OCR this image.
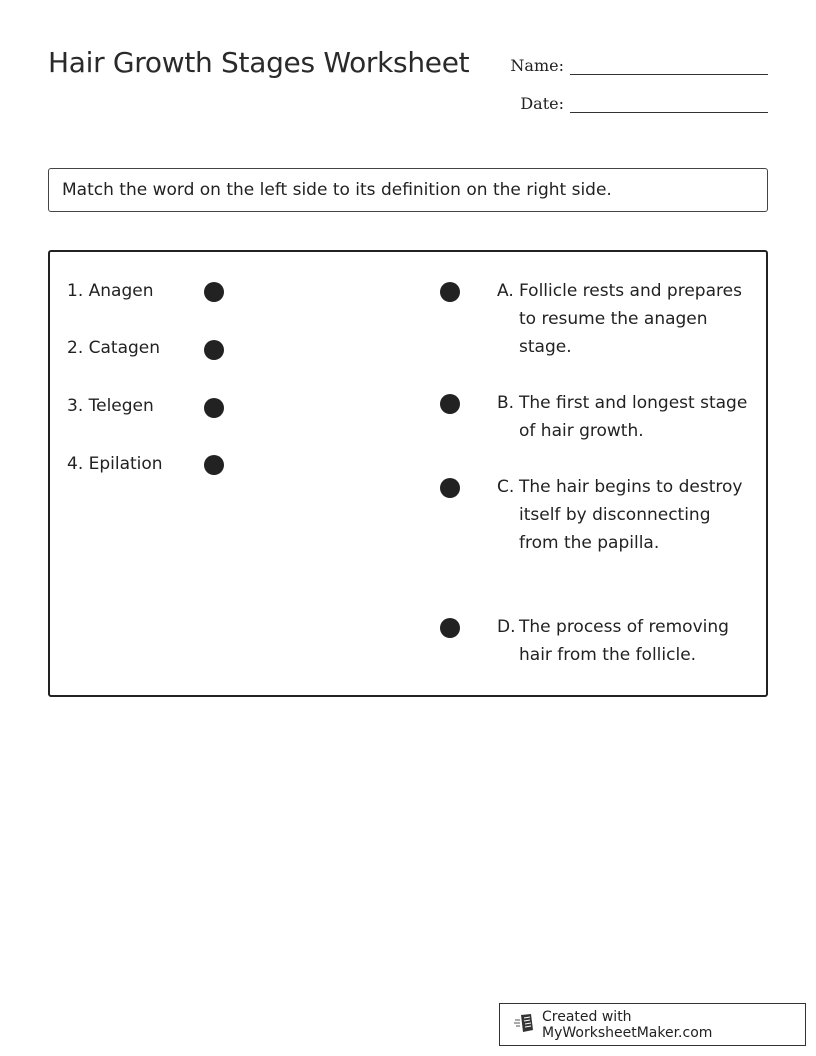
Hair Growth Stages Worksheet	Name:
Date:
Match the word on the left side to its definition on the right side.
1. Anagen
2. Catagen
3. Telegen
4. Epilation
A. Follicle rests and prepares to resume the anagen stage.
B. The first and longest stage of hair growth.
C. The hair begins to destroy itself by disconnecting from the papilla.
D. The process of removing hair from the follicle.
Created with MyWorksheetMaker.com
